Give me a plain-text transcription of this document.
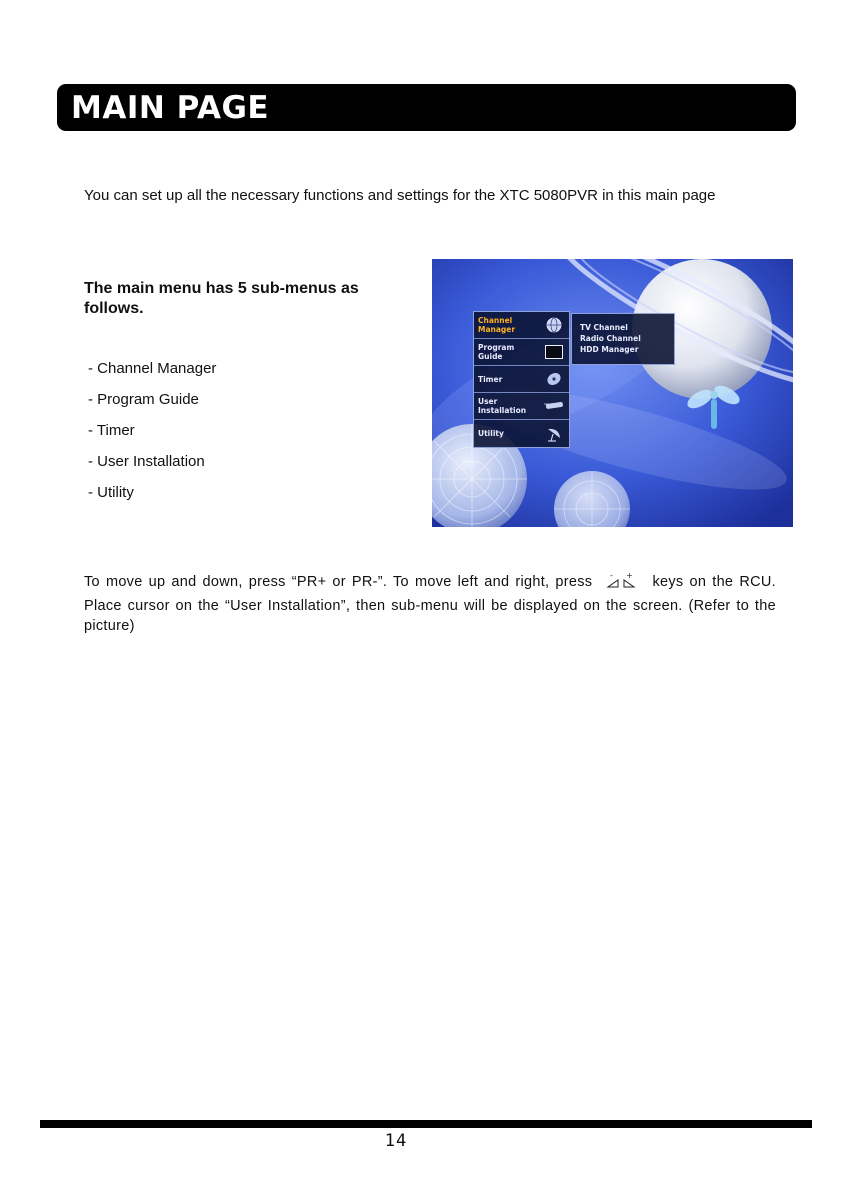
MAIN PAGE

You can set up all the necessary functions and settings for the XTC 5080PVR in this main page

The main menu has 5 sub-menus as
follows.
- Channel Manager
- Program Guide
- Timer
- User Installation
- Utility
Channel
Manager
Program
Guide
Timer
User
Installation
Utility
TV Channel
Radio Channel
HDD Manager

To move up and down, press “PR+ or PR-”. To move left and right, press - + keys on the RCU. Place cursor on the “User Installation”, then sub-menu will be displayed on the screen. (Refer to the picture)

14
